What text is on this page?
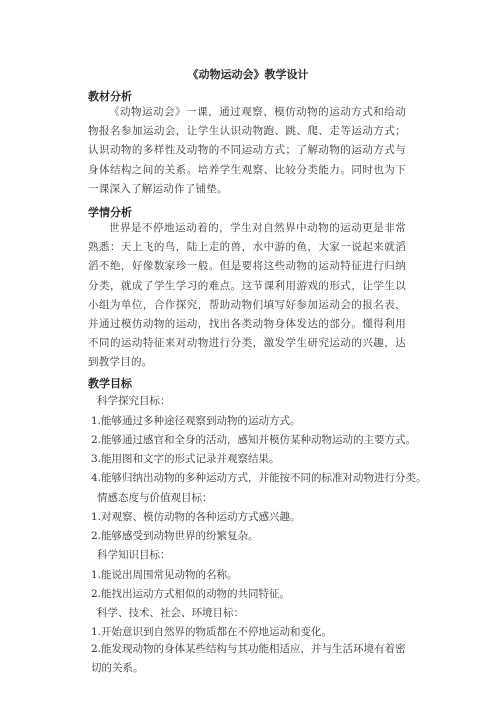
《动物运动会》教学设计
教材分析
《动物运动会》一课，通过观察、模仿动物的运动方式和给动物报名参加运动会，让学生认识动物跑、跳、爬、走等运动方式；认识动物的多样性及动物的不同运动方式；了解动物的运动方式与身体结构之间的关系。培养学生观察、比较分类能力。同时也为下一课深入了解运动作了铺垫。
学情分析
世界是不停地运动着的，学生对自然界中动物的运动更是非常熟悉：天上飞的鸟，陆上走的兽，水中游的鱼，大家一说起来就滔滔不绝，好像数家珍一般。但是要将这些动物的运动特征进行归纳分类，就成了学生学习的难点。这节课利用游戏的形式，让学生以小组为单位，合作探究，帮助动物们填写好参加运动会的报名表，并通过模仿动物的运动，找出各类动物身体发达的部分。懂得利用不同的运动特征来对动物进行分类，激发学生研究运动的兴趣，达到教学目的。
教学目标
科学探究目标：
1.能够通过多种途径观察到动物的运动方式。
2.能够通过感官和全身的活动，感知并模仿某种动物运动的主要方式。
3.能用图和文字的形式记录并观察结果。
4.能够归纳出动物的多种运动方式，并能按不同的标准对动物进行分类。
情感态度与价值观目标：
1.对观察、模仿动物的各种运动方式感兴趣。
2.能够感受到动物世界的纷繁复杂。
科学知识目标：
1.能说出周围常见动物的名称。
2.能找出运动方式相似的动物的共同特征。
科学、技术、社会、环境目标：
1.开始意识到自然界的物质都在不停地运动和变化。
2.能发现动物的身体某些结构与其功能相适应，并与生活环境有着密切的关系。
